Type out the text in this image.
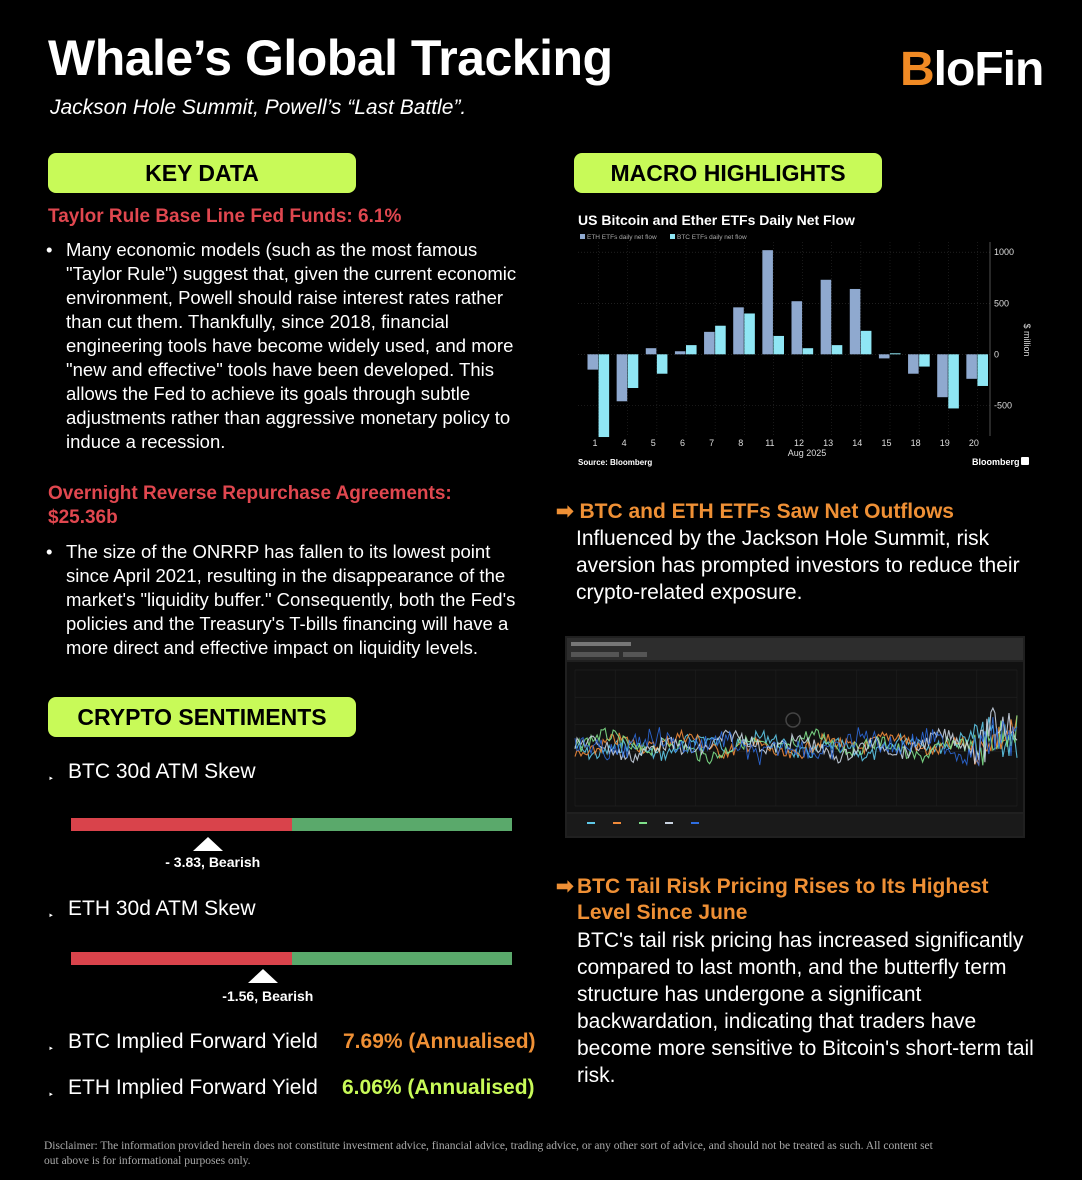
Whale’s Global Tracking
Jackson Hole Summit, Powell’s “Last Battle”.
BloFin
KEY DATA
Taylor Rule Base Line Fed Funds: 6.1%
• Many economic models (such as the most famous "Taylor Rule") suggest that, given the current economic environment, Powell should raise interest rates rather than cut them. Thankfully, since 2018, financial engineering tools have become widely used, and more "new and effective" tools have been developed. This allows the Fed to achieve its goals through subtle adjustments rather than aggressive monetary policy to induce a recession.
Overnight Reverse Repurchase Agreements: $25.36b
• The size of the ONRRP has fallen to its lowest point since April 2021, resulting in the disappearance of the market's "liquidity buffer." Consequently, both the Fed's policies and the Treasury's T-bills financing will have a more direct and effective impact on liquidity levels.
CRYPTO SENTIMENTS
‣ BTC 30d ATM Skew
- 3.83, Bearish
‣ ETH 30d ATM Skew
-1.56, Bearish
‣ BTC Implied Forward Yield 7.69% (Annualised)
‣ ETH Implied Forward Yield 6.06% (Annualised)
MACRO HIGHLIGHTS
US Bitcoin and Ether ETFs Daily Net Flow
ETH ETFs daily net flow	BTC ETFs daily net flow
1	4	5	6	7	8 11 12 13 14 15 18 19 20
1000
500
0
-500
Aug 2025
$ million
Source: Bloomberg	Bloomberg
➡ BTC and ETH ETFs Saw Net Outflows
Influenced by the Jackson Hole Summit, risk aversion has prompted investors to reduce their crypto-related exposure.
➡ BTC Tail Risk Pricing Rises to Its Highest Level Since June
BTC's tail risk pricing has increased significantly compared to last month, and the butterfly term structure has undergone a significant backwardation, indicating that traders have become more sensitive to Bitcoin's short-term tail risk.
Disclaimer: The information provided herein does not constitute investment advice, financial advice, trading advice, or any other sort of advice, and should not be treated as such. All content set out above is for informational purposes only.
